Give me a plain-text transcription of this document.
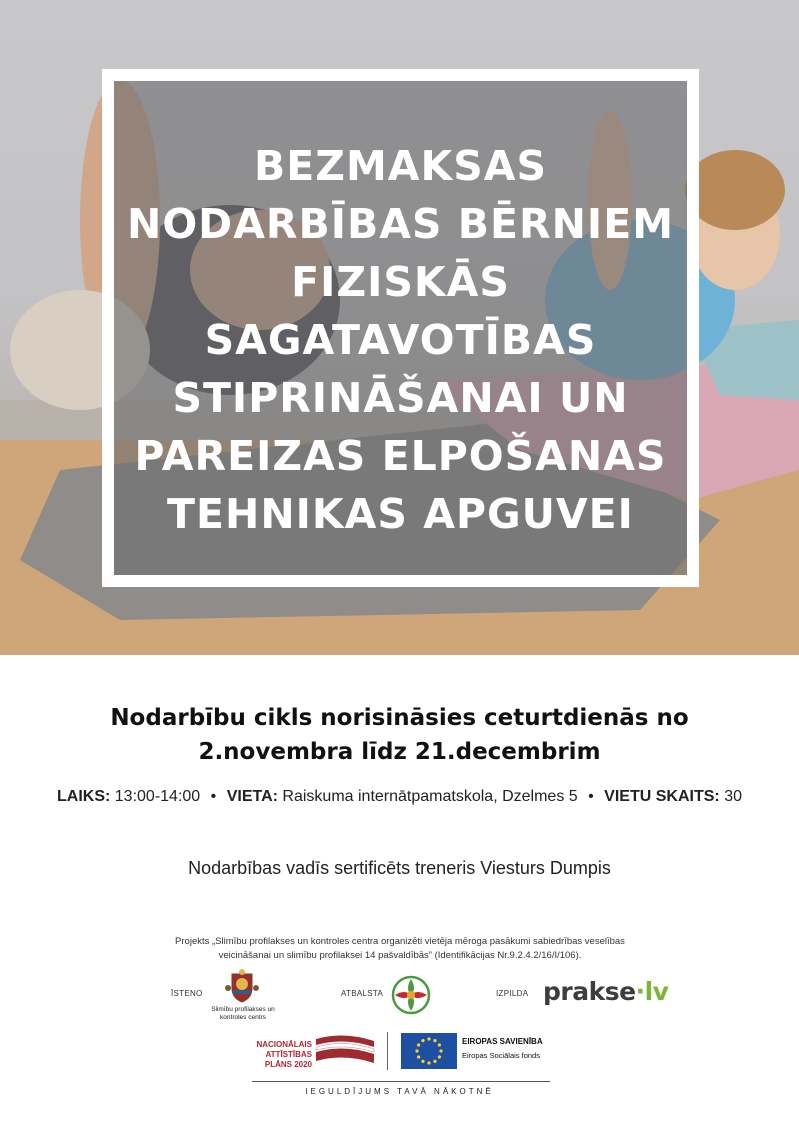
BEZMAKSAS
NODARBĪBAS BĒRNIEM
FIZISKĀS
SAGATAVOTĪBAS
STIPRINĀŠANAI UN
PAREIZAS ELPOŠANAS
TEHNIKAS APGUVEI
Nodarbību cikls norisināsies ceturtdienās no
2.novembra līdz 21.decembrim
LAIKS: 13:00-14:00 • VIETA: Raiskuma internātpamatskola, Dzelmes 5 • VIETU SKAITS: 30
Nodarbības vadīs sertificēts treneris Viesturs Dumpis
Projekts „Slimību profilakses un kontroles centra organizēti vietēja mēroga pasākumi sabiedrības veselības
veicināšanai un slimību profilaksei 14 pašvaldībās” (Identifikācijas Nr.9.2.4.2/16/I/106).
ĪSTENO
Slimību profilakses un kontroles centrs
ATBALSTA	IZPILDA prakse·lv
NACIONĀLAIS
ATTĪSTĪBAS
PLĀNS 2020
EIROPAS SAVIENĪBA
Eiropas Sociālais fonds
IEGULDĪJUMS TAVĀ NĀKOTNĒ
